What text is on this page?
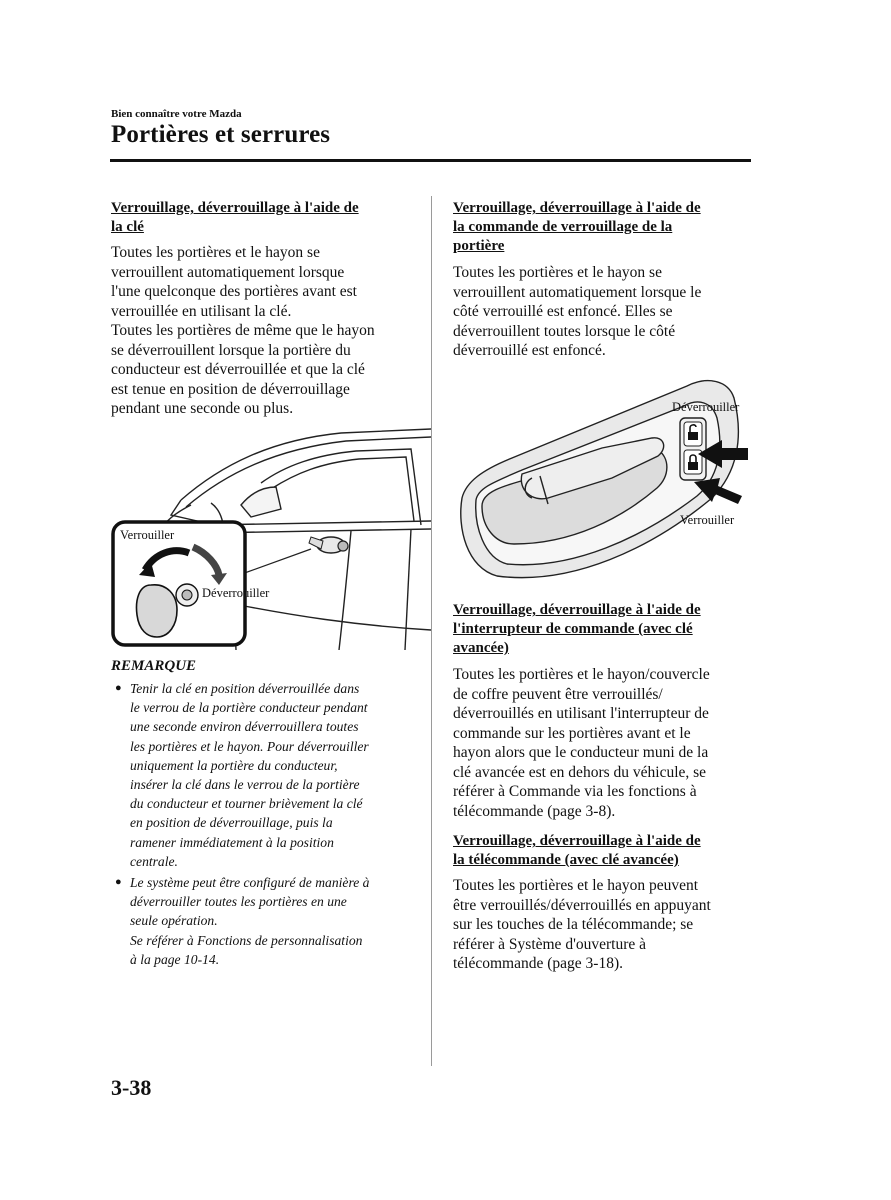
Bien connaître votre Mazda
Portières et serrures
Verrouillage, déverrouillage à l'aide de
la clé
Toutes les portières et le hayon se
verrouillent automatiquement lorsque
l'une quelconque des portières avant est
verrouillée en utilisant la clé.
Toutes les portières de même que le hayon
se déverrouillent lorsque la portière du
conducteur est déverrouillée et que la clé
est tenue en position de déverrouillage
pendant une seconde ou plus.
Verrouiller
Déverrouiller
REMARQUE
● Tenir la clé en position déverrouillée dans
le verrou de la portière conducteur pendant
une seconde environ déverrouillera toutes
les portières et le hayon. Pour déverrouiller
uniquement la portière du conducteur,
insérer la clé dans le verrou de la portière
du conducteur et tourner brièvement la clé
en position de déverrouillage, puis la
ramener immédiatement à la position
centrale.
● Le système peut être configuré de manière à
déverrouiller toutes les portières en une
seule opération.
Se référer à Fonctions de personnalisation
à la page 10-14.
Verrouillage, déverrouillage à l'aide de
la commande de verrouillage de la
portière
Toutes les portières et le hayon se
verrouillent automatiquement lorsque le
côté verrouillé est enfoncé. Elles se
déverrouillent toutes lorsque le côté
déverrouillé est enfoncé.
Déverrouiller
Verrouiller
Verrouillage, déverrouillage à l'aide de
l'interrupteur de commande (avec clé
avancée)
Toutes les portières et le hayon/couvercle
de coffre peuvent être verrouillés/
déverrouillés en utilisant l'interrupteur de
commande sur les portières avant et le
hayon alors que le conducteur muni de la
clé avancée est en dehors du véhicule, se
référer à Commande via les fonctions à
télécommande (page 3-8).
Verrouillage, déverrouillage à l'aide de
la télécommande (avec clé avancée)
Toutes les portières et le hayon peuvent
être verrouillés/déverrouillés en appuyant
sur les touches de la télécommande; se
référer à Système d'ouverture à
télécommande (page 3-18).
3-38
